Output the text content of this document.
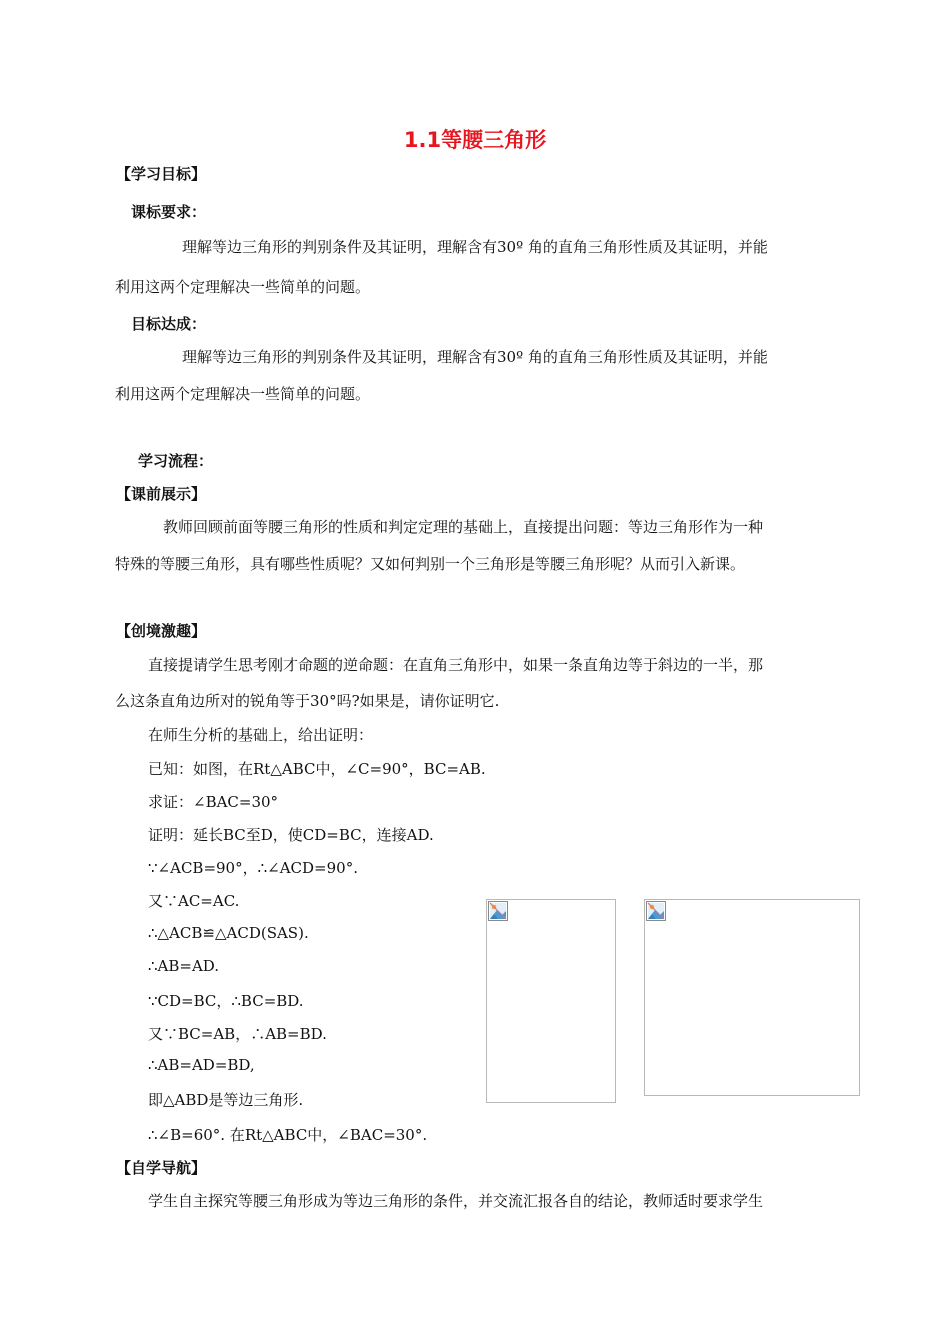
1.1等腰三角形
【学习目标】
课标要求：
理解等边三角形的判别条件及其证明，理解含有30º 角的直角三角形性质及其证明，并能
利用这两个定理解决一些简单的问题。
目标达成：
理解等边三角形的判别条件及其证明，理解含有30º 角的直角三角形性质及其证明，并能
利用这两个定理解决一些简单的问题。
学习流程：
【课前展示】
教师回顾前面等腰三角形的性质和判定定理的基础上，直接提出问题：等边三角形作为一种
特殊的等腰三角形，具有哪些性质呢？又如何判别一个三角形是等腰三角形呢？从而引入新课。
【创境激趣】
直接提请学生思考刚才命题的逆命题：在直角三角形中，如果一条直角边等于斜边的一半，那
么这条直角边所对的锐角等于30°吗?如果是，请你证明它.
在师生分析的基础上，给出证明：
已知：如图，在Rt△ABC中，∠C=90°，BC=AB.
求证：∠BAC=30°
证明：延长BC至D，使CD=BC，连接AD.
∵∠ACB=90°，∴∠ACD=90°.
又∵AC=AC.
∴△ACB≌△ACD(SAS).
∴AB=AD.
∵CD=BC，∴BC=BD.
又∵BC=AB，∴AB=BD.
∴AB=AD=BD,
即△ABD是等边三角形.
∴∠B=60°. 在Rt△ABC中，∠BAC=30°.
【自学导航】
学生自主探究等腰三角形成为等边三角形的条件，并交流汇报各自的结论，教师适时要求学生
